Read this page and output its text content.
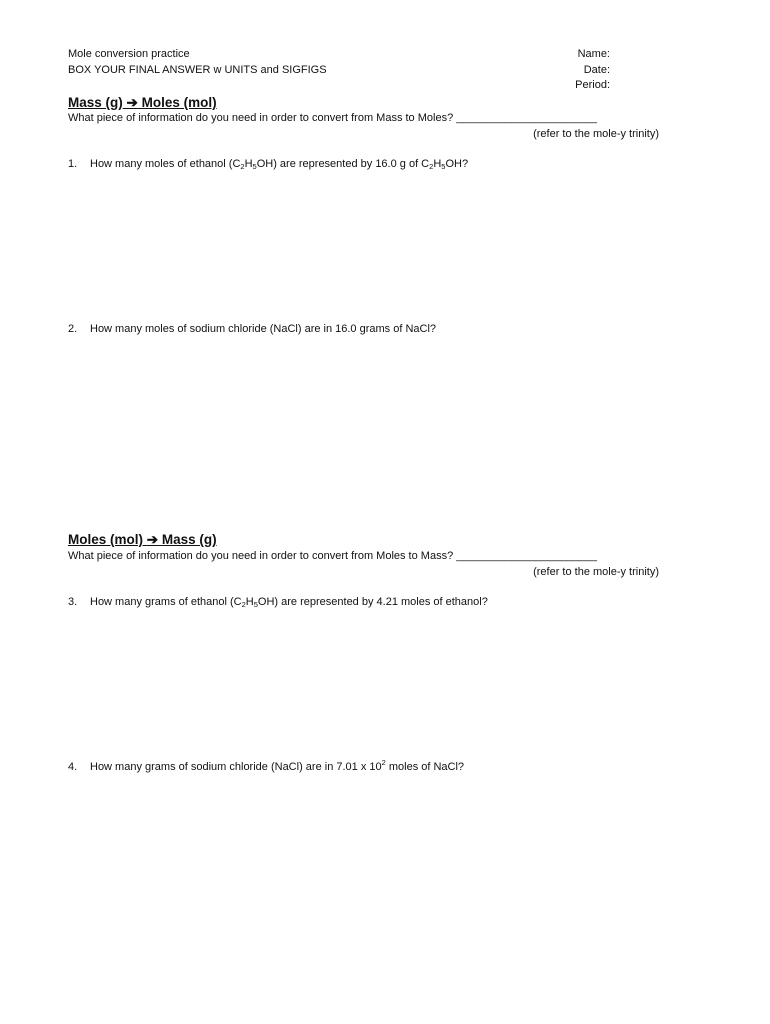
Mole conversion practice
BOX YOUR FINAL ANSWER w UNITS and SIGFIGS
Name:
Date:
Period:
Mass (g) ➔ Moles (mol)
What piece of information do you need in order to convert from Mass to Moles? _______________________
(refer to the mole-y trinity)
1. How many moles of ethanol $(C_2H_5OH)$ are represented by 16.0 g of $C_2H_5OH$?
2. How many moles of sodium chloride (NaCl) are in 16.0 grams of NaCl?
Moles (mol) ➔ Mass (g)
What piece of information do you need in order to convert from Moles to Mass? _______________________
(refer to the mole-y trinity)
3. How many grams of ethanol $(C_2H_5OH)$ are represented by 4.21 moles of ethanol?
4. How many grams of sodium chloride (NaCl) are in 7.01 x $10^2$ moles of NaCl?
